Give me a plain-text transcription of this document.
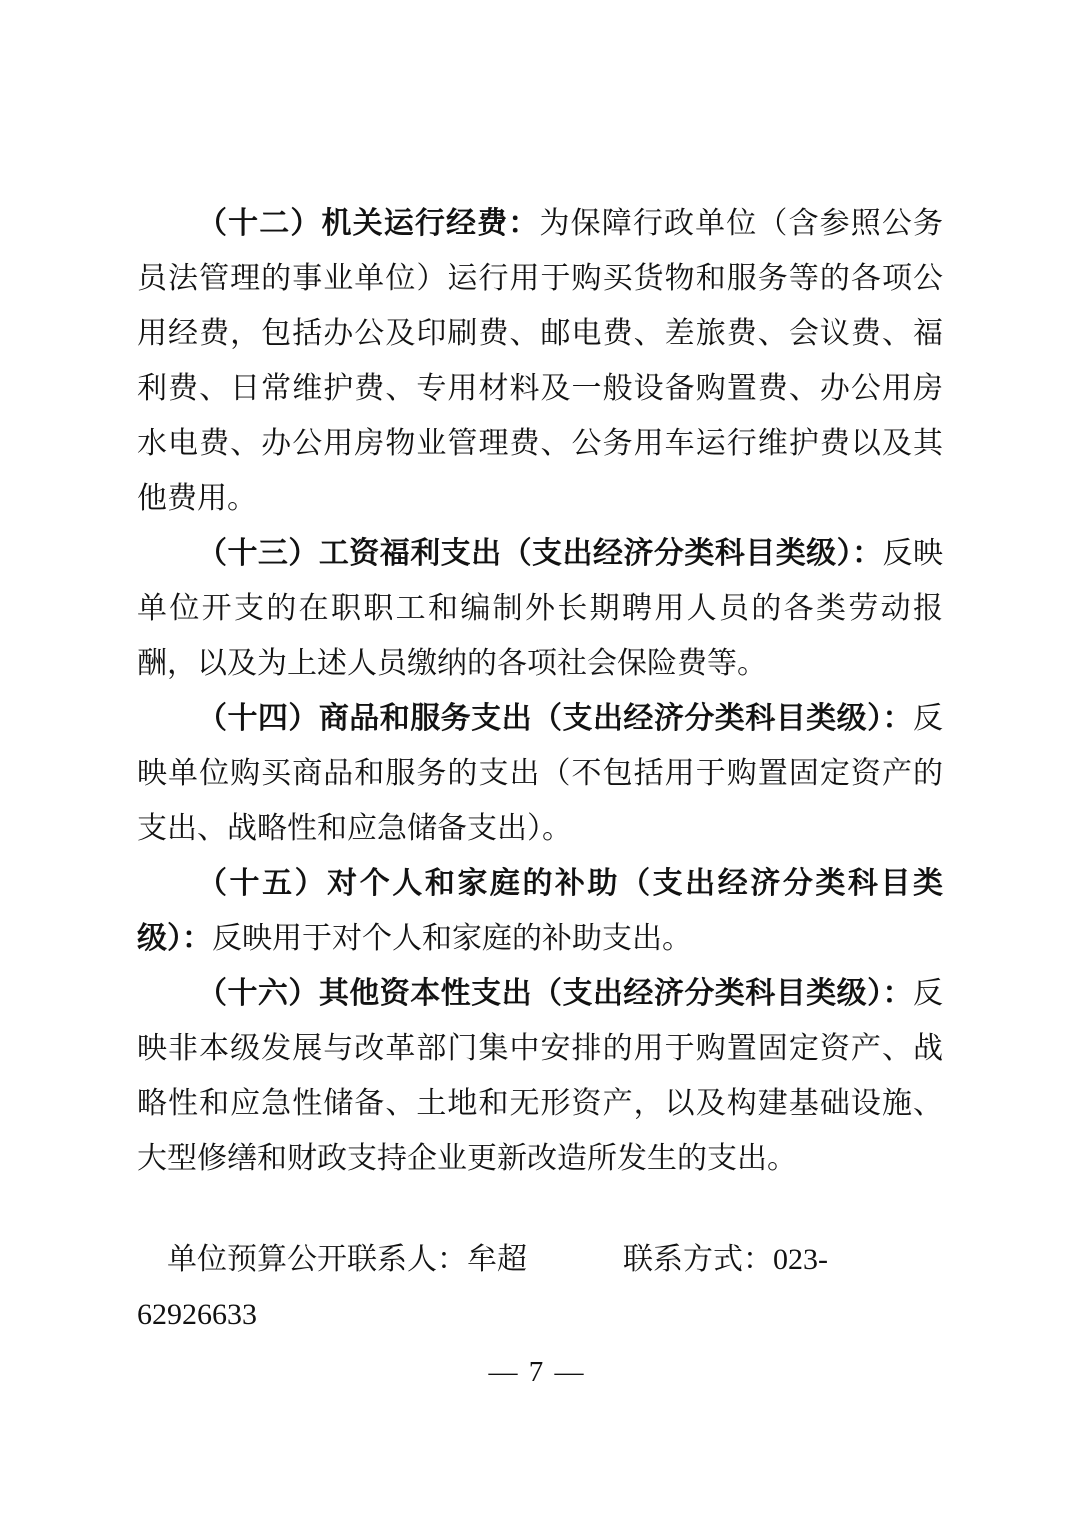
（十二）机关运行经费：为保障行政单位（含参照公务员法管理的事业单位）运行用于购买货物和服务等的各项公用经费，包括办公及印刷费、邮电费、差旅费、会议费、福利费、日常维护费、专用材料及一般设备购置费、办公用房水电费、办公用房物业管理费、公务用车运行维护费以及其他费用。

（十三）工资福利支出（支出经济分类科目类级）：反映单位开支的在职职工和编制外长期聘用人员的各类劳动报酬，以及为上述人员缴纳的各项社会保险费等。

（十四）商品和服务支出（支出经济分类科目类级）：反映单位购买商品和服务的支出（不包括用于购置固定资产的支出、战略性和应急储备支出）。

（十五）对个人和家庭的补助（支出经济分类科目类级）：反映用于对个人和家庭的补助支出。

（十六）其他资本性支出（支出经济分类科目类级）：反映非本级发展与改革部门集中安排的用于购置固定资产、战略性和应急性储备、土地和无形资产，以及构建基础设施、大型修缮和财政支持企业更新改造所发生的支出。

单位预算公开联系人：牟超	联系方式：023-62926633

— 7 —
